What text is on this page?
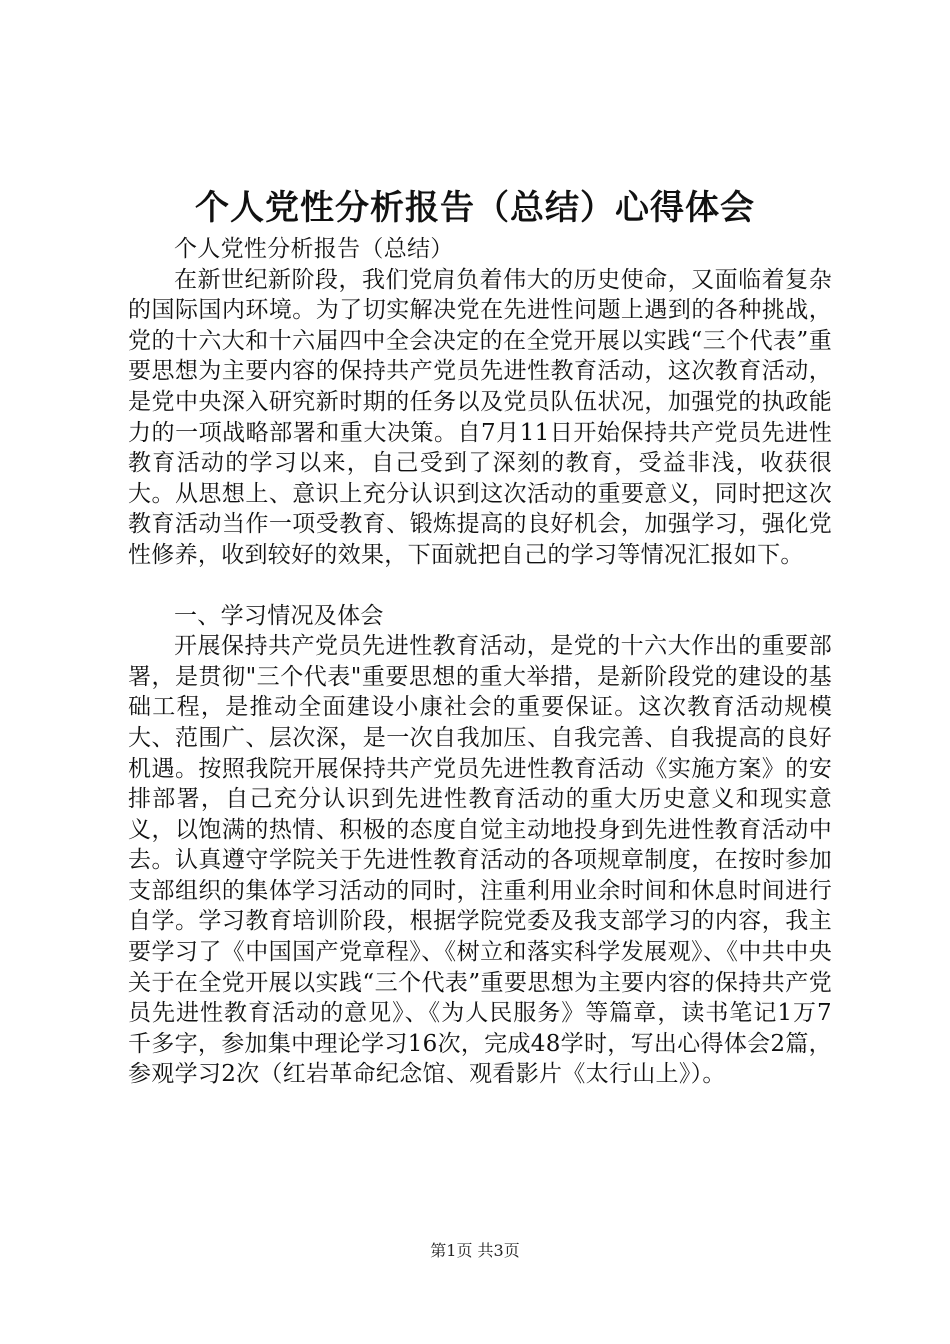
个人党性分析报告（总结）心得体会

个人党性分析报告（总结）

在新世纪新阶段，我们党肩负着伟大的历史使命，又面临着复杂的国际国内环境。为了切实解决党在先进性问题上遇到的各种挑战，党的十六大和十六届四中全会决定的在全党开展以实践“三个代表”重要思想为主要内容的保持共产党员先进性教育活动，这次教育活动，是党中央深入研究新时期的任务以及党员队伍状况，加强党的执政能力的一项战略部署和重大决策。自7月11日开始保持共产党员先进性教育活动的学习以来，自己受到了深刻的教育，受益非浅，收获很大。从思想上、意识上充分认识到这次活动的重要意义，同时把这次教育活动当作一项受教育、锻炼提高的良好机会，加强学习，强化党性修养，收到较好的效果，下面就把自己的学习等情况汇报如下。

一、学习情况及体会

开展保持共产党员先进性教育活动，是党的十六大作出的重要部署，是贯彻"三个代表"重要思想的重大举措，是新阶段党的建设的基础工程，是推动全面建设小康社会的重要保证。这次教育活动规模大、范围广、层次深，是一次自我加压、自我完善、自我提高的良好机遇。按照我院开展保持共产党员先进性教育活动《实施方案》的安排部署，自己充分认识到先进性教育活动的重大历史意义和现实意义，以饱满的热情、积极的态度自觉主动地投身到先进性教育活动中去。认真遵守学院关于先进性教育活动的各项规章制度，在按时参加支部组织的集体学习活动的同时，注重利用业余时间和休息时间进行自学。学习教育培训阶段，根据学院党委及我支部学习的内容，我主要学习了《中国国产党章程》、《树立和落实科学发展观》、《中共中央关于在全党开展以实践“三个代表”重要思想为主要内容的保持共产党员先进性教育活动的意见》、《为人民服务》等篇章，读书笔记1万7千多字，参加集中理论学习16次，完成48学时，写出心得体会2篇，参观学习2次（红岩革命纪念馆、观看影片《太行山上》）。

第1页 共3页
